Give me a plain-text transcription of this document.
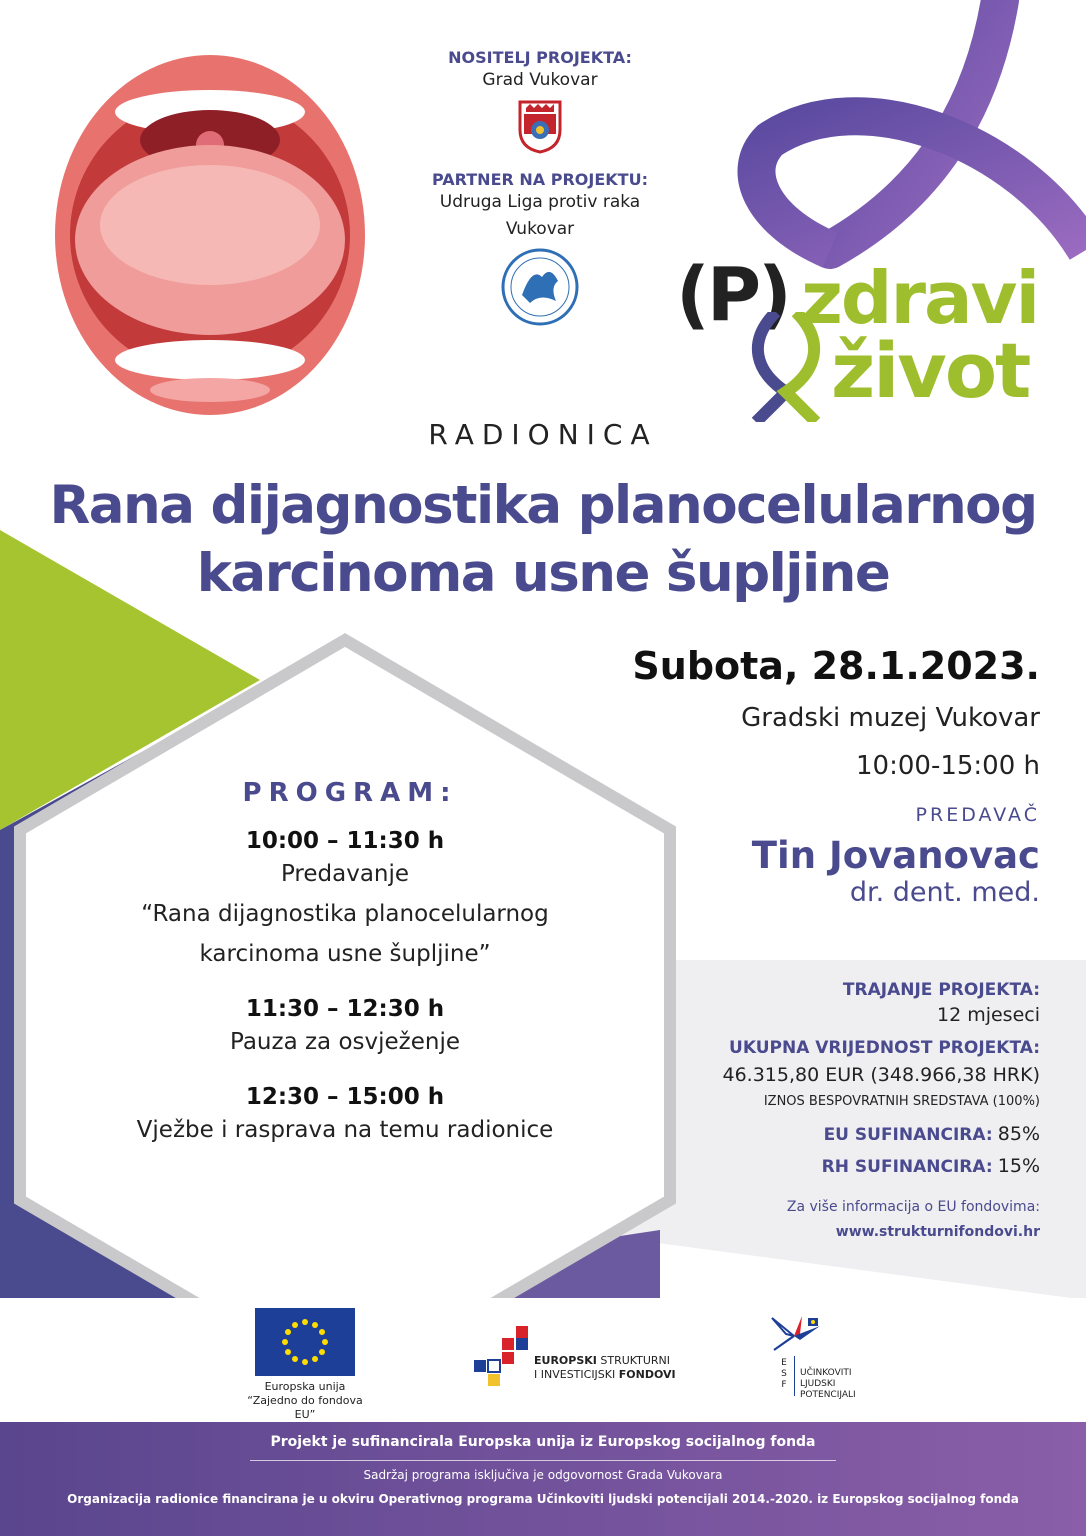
NOSITELJ PROJEKTA:
Grad Vukovar
PARTNER NA PROJEKTU:
Udruga Liga protiv raka
Vukovar
(P) zdravi
život
RADIONICA
Rana dijagnostika planocelularnog
karcinoma usne šupljine
Subota, 28.1.2023.
Gradski muzej Vukovar
10:00-15:00 h
PREDAVAČ
Tin Jovanovac
dr. dent. med.
PROGRAM:
10:00 – 11:30 h
Predavanje
“Rana dijagnostika planocelularnog
karcinoma usne šupljine”
11:30 – 12:30 h
Pauza za osvježenje
12:30 – 15:00 h
Vježbe i rasprava na temu radionice
TRAJANJE PROJEKTA:
12 mjeseci
UKUPNA VRIJEDNOST PROJEKTA:
46.315,80 EUR (348.966,38 HRK)
IZNOS BESPOVRATNIH SREDSTAVA (100%)
EU SUFINANCIRA: 85%
RH SUFINANCIRA: 15%
Za više informacija o EU fondovima:
www.strukturnifondovi.hr
Europska unija
“Zajedno do fondova EU”
EUROPSKI STRUKTURNI
I INVESTICIJSKI FONDOVI
E
S
F
UČINKOVITI
LJUDSKI
POTENCIJALI
Projekt je sufinancirala Europska unija iz Europskog socijalnog fonda
Sadržaj programa isključiva je odgovornost Grada Vukovara
Organizacija radionice financirana je u okviru Operativnog programa Učinkoviti ljudski potencijali 2014.-2020. iz Europskog socijalnog fonda
